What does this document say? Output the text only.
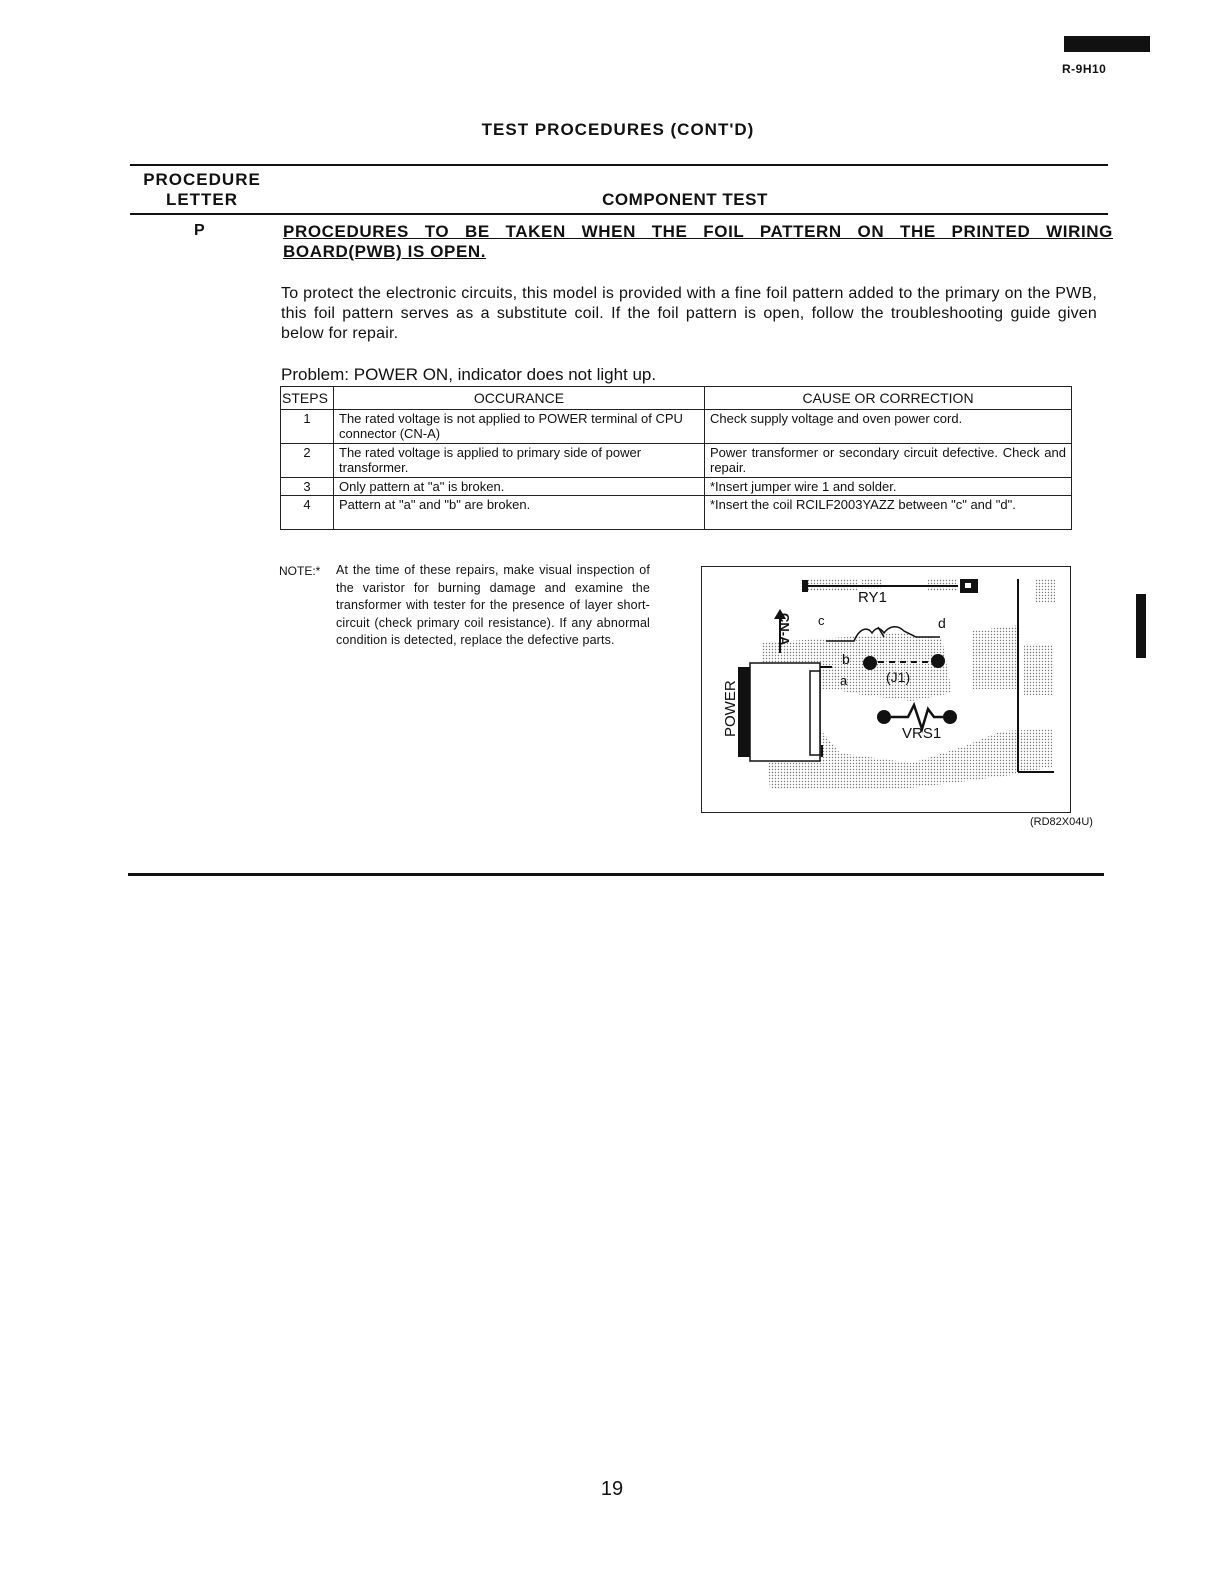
R-9H10
TEST PROCEDURES (CONT'D)
PROCEDURE
LETTER	COMPONENT TEST
P	PROCEDURES TO BE TAKEN WHEN THE FOIL PATTERN ON THE PRINTED WIRING BOARD(PWB) IS OPEN.
To protect the electronic circuits, this model is provided with a fine foil pattern added to the primary on the PWB, this foil pattern serves as a substitute coil. If the foil pattern is open, follow the troubleshooting guide given below for repair.
Problem: POWER ON, indicator does not light up.
STEPS	OCCURANCE	CAUSE OR CORRECTION
1	The rated voltage is not applied to POWER terminal of CPU connector (CN-A)	Check supply voltage and oven power cord.
2	The rated voltage is applied to primary side of power transformer.	Power transformer or secondary circuit defective. Check and repair.
3	Only pattern at "a" is broken.	*Insert jumper wire 1 and solder.
4	Pattern at "a" and "b" are broken.	*Insert the coil RCILF2003YAZZ between "c" and "d".
NOTE:* At the time of these repairs, make visual inspection of the varistor for burning damage and examine the transformer with tester for the presence of layer short-circuit (check primary coil resistance). If any abnormal condition is detected, replace the defective parts.
RY1
CN-A c	d
b
a	(J1)
POWER	VRS1
(RD82X04U)
19
